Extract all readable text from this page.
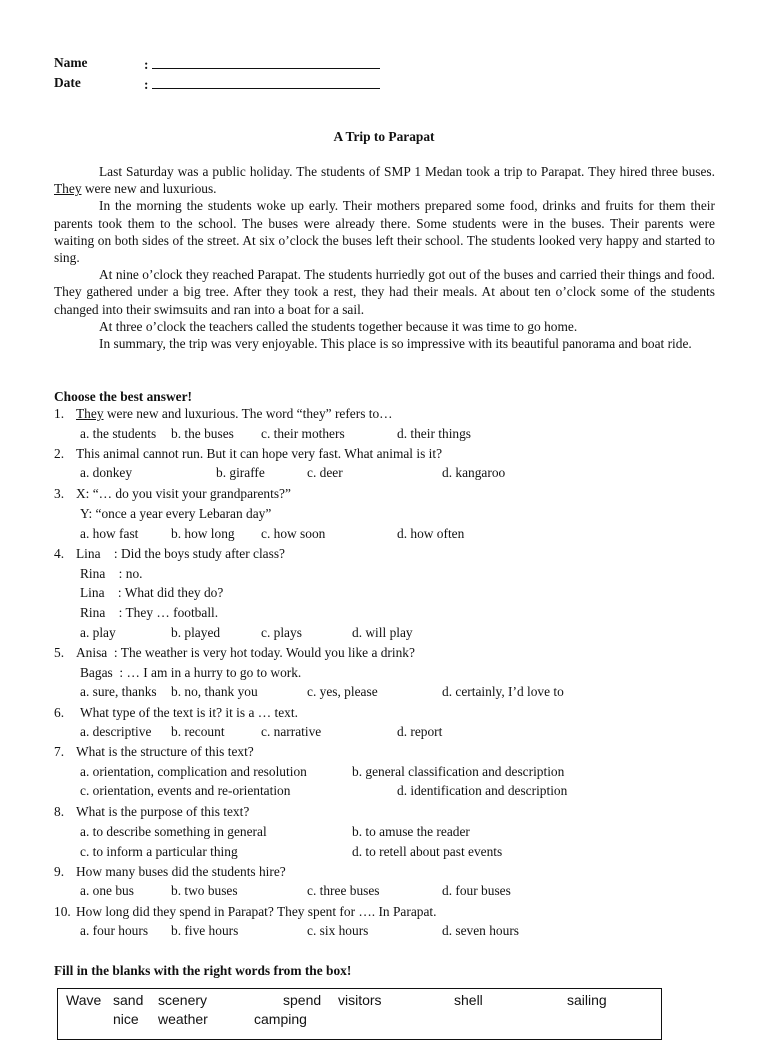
Name	:
Date	:
A Trip to Parapat

Last Saturday was a public holiday. The students of SMP 1 Medan took a trip to Parapat. They hired three buses. They were new and luxurious.

In the morning the students woke up early. Their mothers prepared some food, drinks and fruits for them their parents took them to the school. The buses were already there. Some students were in the buses. Their parents were waiting on both sides of the street. At six o’clock the buses left their school. The students looked very happy and started to sing.

At nine o’clock they reached Parapat. The students hurriedly got out of the buses and carried their things and food. They gathered under a big tree. After they took a rest, they had their meals. At about ten o’clock some of the students changed into their swimsuits and ran into a boat for a sail.

At three o’clock the teachers called the students together because it was time to go home.

In summary, the trip was very enjoyable. This place is so impressive with its beautiful panorama and boat ride.

Choose the best answer!
1. They were new and luxurious. The word “they” refers to…
a. the students b. the buses c. their mothers	d. their things
2. This animal cannot run. But it can hope very fast. What animal is it?
a. donkey	b. giraffe	c. deer	d. kangaroo
3. X: “… do you visit your grandparents?”
Y: “once a year every Lebaran day”
a. how fast b. how long c. how soon	d. how often
4. Lina    : Did the boys study after class?
Rina    : no.
Lina    : What did they do?
Rina    : They … football.
a. play	b. played	c. plays	d. will play
5. Anisa  : The weather is very hot today. Would you like a drink?
Bagas  : … I am in a hurry to go to work.
a. sure, thanks b. no, thank you	c. yes, please	d. certainly, I’d love to
6. What type of the text is it? it is a … text.
a. descriptive b. recount	c. narrative	d. report
7. What is the structure of this text?
a. orientation, complication and resolution	b. general classification and description
c. orientation, events and re-orientation	d. identification and description
8. What is the purpose of this text?
a. to describe something in general	b. to amuse the reader
c. to inform a particular thing	d. to retell about past events
9. How many buses did the students hire?
a. one bus	b. two buses	c. three buses	d. four buses
10. How long did they spend in Parapat? They spent for …. In Parapat.
a. four hours b. five hours	c. six hours	d. seven hours
Fill in the blanks with the right words from the box!
Wave sand scenery	spend visitors	shell	sailing
nice weather	camping
